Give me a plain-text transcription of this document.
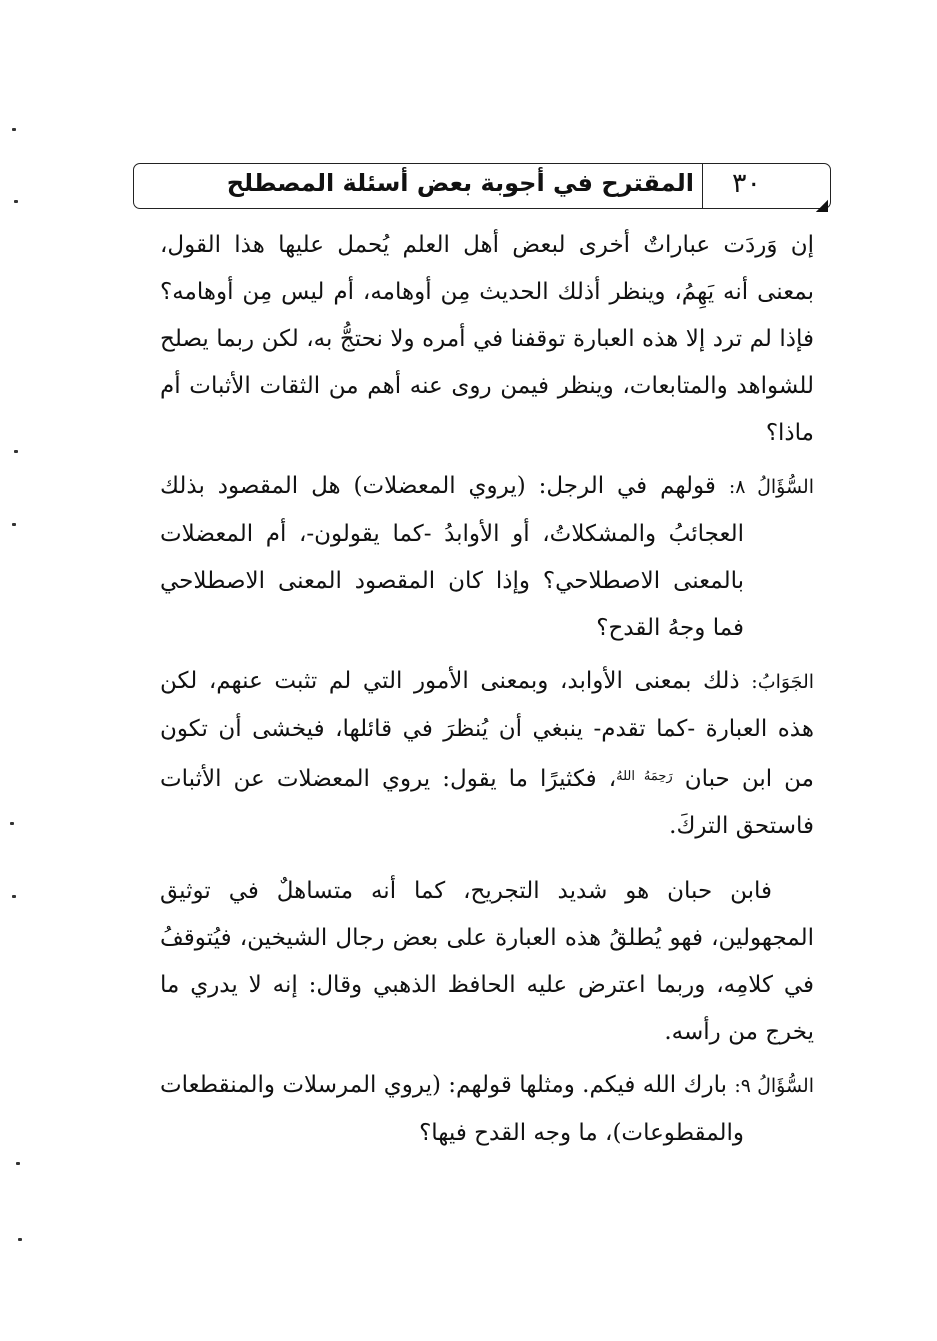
المقترح في أجوبة بعض أسئلة المصطلح	٣٠
◢

إن وَردَت عباراتٌ أخرى لبعض أهل العلم يُحمل عليها هذا القول، بمعنى أنه يَهِمُ، وينظر أذلك الحديث مِن أوهامه، أم ليس مِن أوهامه؟ فإذا لم ترد إلا هذه العبارة توقفنا في أمره ولا نحتجُّ به، لكن ربما يصلح للشواهد والمتابعات، وينظر فيمن روى عنه أهم من الثقات الأثبات أم ماذا؟

السُّؤَالُ ٨: قولهم في الرجل: (يروي المعضلات) هل المقصود بذلك العجائبُ والمشكلاتُ، أو الأوابدُ -كما يقولون-، أم المعضلات بالمعنى الاصطلاحي؟ وإذا كان المقصود المعنى الاصطلاحي فما وجهُ القدح؟

الجَوَابُ: ذلك بمعنى الأوابد، وبمعنى الأمور التي لم تثبت عنهم، لكن هذه العبارة -كما تقدم- ينبغي أن يُنظرَ في قائلها، فيخشى أن تكون من ابن حبان $^{رَحِمَهُ اللهُ}$، فكثيرًا ما يقول: يروي المعضلات عن الأثبات فاستحق التركَ.

فابن حبان هو شديد التجريح، كما أنه متساهلٌ في توثيق المجهولين، فهو يُطلقُ هذه العبارة على بعض رجال الشيخين، فيُتوقفُ في كلامِه، وربما اعترض عليه الحافظ الذهبي وقال: إنه لا يدري ما يخرج من رأسه.

السُّؤَالُ ٩: بارك الله فيكم. ومثلها قولهم: (يروي المرسلات والمنقطعات والمقطوعات)، ما وجه القدح فيها؟
